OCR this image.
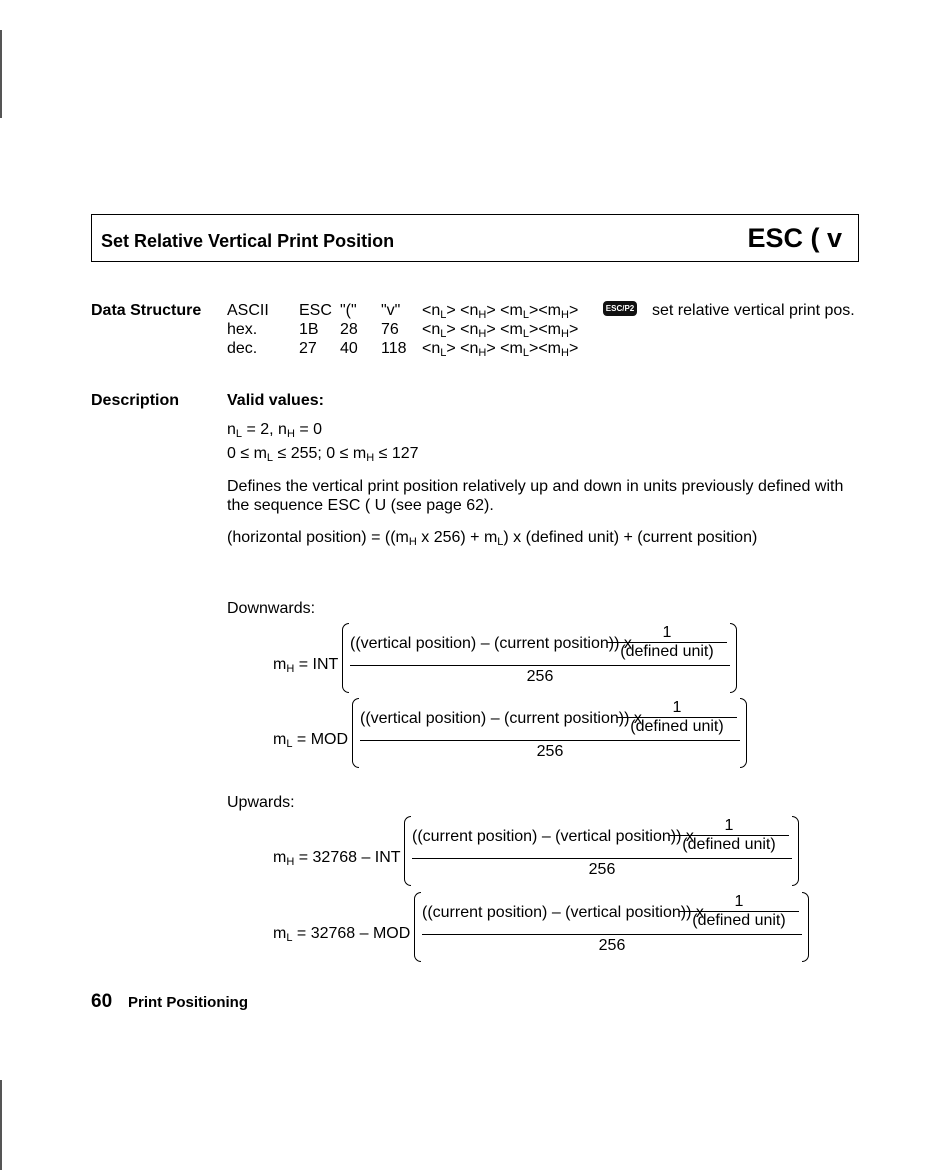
Set Relative Vertical Print Position	ESC ( v
Data Structure ASCII ESC "(" "v" $<n_L> <n_H> <m_L><m_H>$
hex.	1B 28 $76 <n_L> <n_H> <m_L><m_H>$
dec.	27 40 $118 <n_L> <n_H> <m_L><m_H>$
ESC/P2 set relative vertical print pos.
Description	Valid values:
$n_L = 2$, $n_H = 0$
$0 \le m_L \le 255$; $0 \le m_H \le 127$
Defines the vertical print position relatively up and down in units previously defined with the sequence ESC ( U (see page 62).
(horizontal position) = (($m_H$ x $256) + m_L$) x (defined unit) + (current position)
Downwards:
$m_H$ = INT
((vertical position) – (current position)) x
1
(defined unit)
256
$m_L$ = MOD
((vertical position) – (current position)) x
1
(defined unit)
256
Upwards:
$m_H = 32768$ – INT
((current position) – (vertical position)) x
1
(defined unit)
256
$m_L = 32768$ – MOD
((current position) – (vertical position)) x
1
(defined unit)
256
60 Print Positioning
